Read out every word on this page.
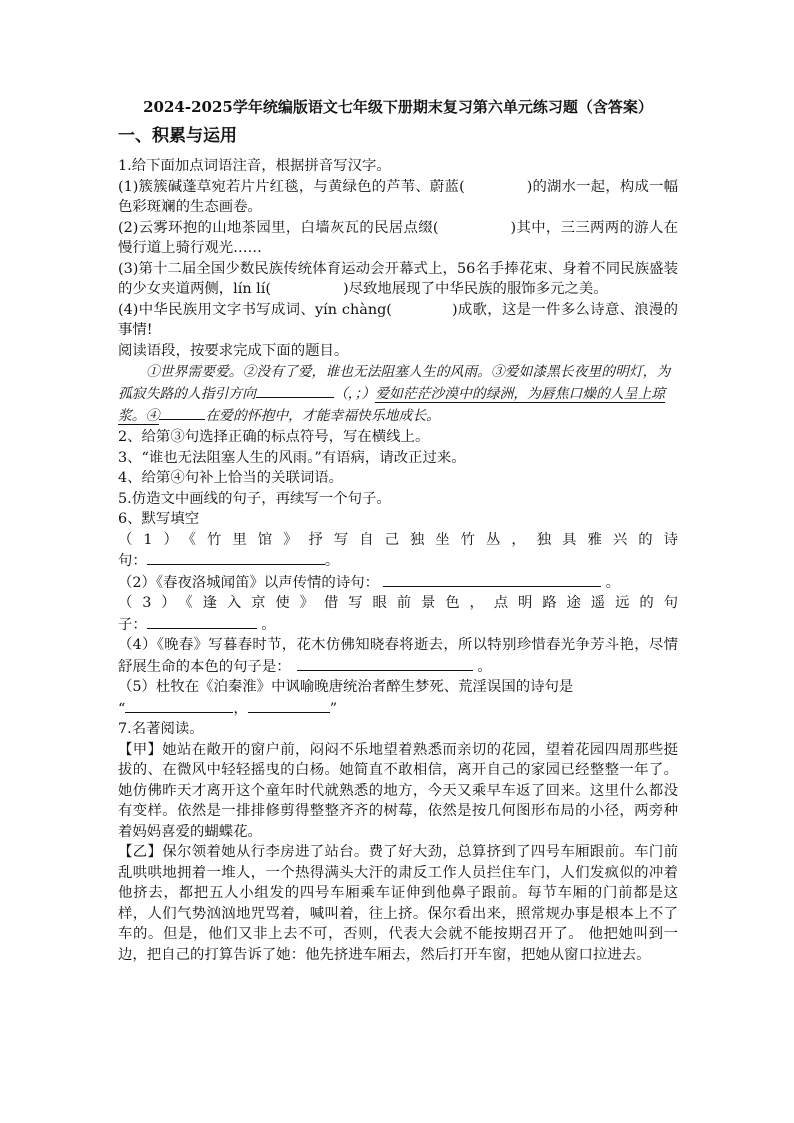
2024-2025学年统编版语文七年级下册期末复习第六单元练习题（含答案）

一、积累与运用

1.给下面加点词语注音，根据拼音写汉字。

(1)簇簇碱蓬草宛若片片红毯，与黄绿色的芦苇、蔚蓝(	)的湖水一起，构成一幅色彩斑斓的生态画卷。

(2)云雾环抱的山地茶园里，白墙灰瓦的民居点缀(	)其中，三三两两的游人在慢行道上骑行观光……

(3)第十二届全国少数民族传统体育运动会开幕式上，56名手捧花束、身着不同民族盛装的少女夹道两侧，lín lí(	)尽致地展现了中华民族的服饰多元之美。

(4)中华民族用文字书写成词、yín chàng(	)成歌，这是一件多么诗意、浪漫的事情!

阅读语段，按要求完成下面的题目。

①世界需要爱。②没有了爱，谁也无法阻塞人生的风雨。③爱如漆黑长夜里的明灯，为孤寂失路的人指引方向	（，；）爱如茫茫沙漠中的绿洲，为唇焦口燥的人呈上琼浆。④	在爱的怀抱中，才能幸福快乐地成长。

2、给第③句选择正确的标点符号，写在横线上。

3、“谁也无法阻塞人生的风雨。”有语病，请改正过来。

4、给第④句补上恰当的关联词语。

5.仿造文中画线的句子，再续写一个句子。

6、默写填空

（1）《竹里馆》抒写自己独坐竹丛，独具雅兴的诗

句：	。

（2）《春夜洛城闻笛》以声传情的诗句：	。

（3）《逢入京使》借写眼前景色，点明路途遥远的句

子：	。

（4）《晚春》写暮春时节，花木仿佛知晓春将逝去，所以特别珍惜春光争芳斗艳，尽情舒展生命的本色的句子是：	。

（5）杜牧在《泊秦淮》中讽喻晚唐统治者醉生梦死、荒淫误国的诗句是
“	，	”

7.名著阅读。

【甲】她站在敞开的窗户前，闷闷不乐地望着熟悉而亲切的花园，望着花园四周那些挺拔的、在微风中轻轻摇曳的白杨。她简直不敢相信，离开自己的家园已经整整一年了。她仿佛昨天才离开这个童年时代就熟悉的地方，今天又乘早车返了回来。这里什么都没有变样。依然是一排排修剪得整整齐齐的树莓，依然是按几何图形布局的小径，两旁种着妈妈喜爱的蝴蝶花。

【乙】保尔领着她从行李房进了站台。费了好大劲，总算挤到了四号车厢跟前。车门前乱哄哄地拥着一堆人，一个热得满头大汗的肃反工作人员拦住车门，人们发疯似的冲着他挤去，都把五人小组发的四号车厢乘车证伸到他鼻子跟前。每节车厢的门前都是这样，人们气势汹汹地咒骂着，喊叫着，往上挤。保尔看出来，照常规办事是根本上不了车的。但是，他们又非上去不可，否则，代表大会就不能按期召开了。 他把她叫到一边，把自己的打算告诉了她：他先挤进车厢去，然后打开车窗，把她从窗口拉进去。
